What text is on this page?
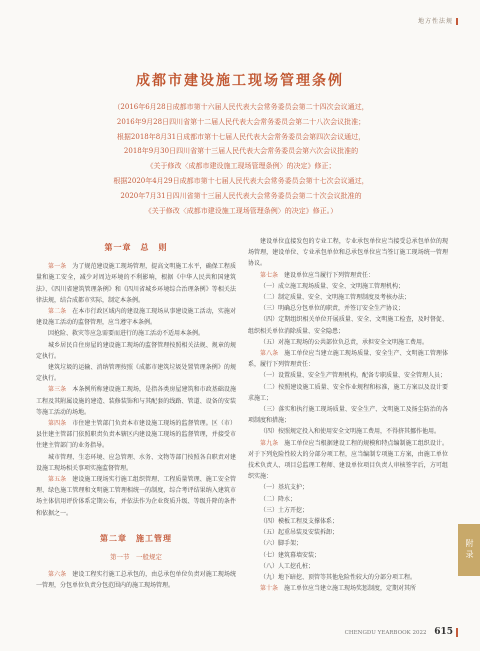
地方性法规
成都市建设施工现场管理条例
（2016年6月28日成都市第十六届人民代表大会常务委员会第二十四次会议通过，
2016年9月28日四川省第十二届人民代表大会常务委员会第二十八次会议批准；
根据2018年8月31日成都市第十七届人民代表大会常务委员会第四次会议通过，
2018年9月30日四川省第十三届人民代表大会常务委员会第六次会议批准的
《关于修改〈成都市建设施工现场管理条例〉的决定》修正；
根据2020年4月29日成都市第十七届人民代表大会常务委员会第十七次会议通过，
2020年7月31日四川省第十三届人民代表大会常务委员会第二十次会议批准的
《关于修改〈成都市建设施工现场管理条例〉的决定》修正。）
第一章　总　则

第一条　 为了规范建设施工现场管理，提高文明施工水平，确保工程质量和施工安全，减少对周边环境的不利影响，根据《中华人民共和国建筑法》、《四川省建筑管理条例》和《四川省城乡环境综合治理条例》等相关法律法规，结合成都市实际，制定本条例。

第二条　 在本市行政区域内的建设施工现场从事建设施工活动，实施对建设施工活动的监督管理，应当遵守本条例。

因抢险、救灾等应急需要而进行的施工活动不适用本条例。

城乡居民自住房屋的建设施工现场的监督管理按照相关法规、规章的规定执行。

建筑垃圾的运输、消纳管理按照《成都市建筑垃圾处置管理条例》的规定执行。

第三条　 本条例所称建设施工现场，是指各类房屋建筑和市政基础设施工程及其附属设施的建造、装修装饰和与其配套的线路、管道、设备的安装等施工活动的场地。

第四条　 市住建主管部门负责本市建设施工现场的监督管理。区（市）县住建主管部门依照职责负责本辖区内建设施工现场的监督管理，并接受市住建主管部门的业务指导。

城市管理、生态环境、应急管理、水务、文物等部门按照各自职责对建设施工现场相关事项实施监督管理。

第五条　 建设施工现场实行施工组织管理、工程质量管理、施工安全管理、绿色施工管理和文明施工管理相统一的制度，综合考评结果纳入建筑市场主体信用评价体系定期公布，并依法作为企业资质升级、等级升降的条件和依据之一。

第二章　施工管理
第一节　一般规定

第六条　 建设工程实行施工总承包的，由总承包单位负责对施工现场统一管理，分包单位负责分包范围内的施工现场管理。

建设单位直接发包的专业工程，专业承包单位应当接受总承包单位的现场管理，建设单位、专业承包单位和总承包单位应当签订施工现场统一管理协议。

第七条　 建设单位应当履行下列管理责任：

（一）成立施工现场质量、安全、文明施工管理机构；

（二）制定质量、安全、文明施工管理制度及考核办法；

（三）明确总分包单位的职责，并签订安全生产协议；

（四）定期组织相关单位开展质量、安全、文明施工检查，及时督促、组织相关单位消除质量、安全隐患；

（五）对施工现场的公共部位负总责，承担安全文明施工费用。

第八条　 施工单位应当建立施工现场质量、安全生产、文明施工管理体系，履行下列管理责任：

（一）设置质量、安全生产管理机构，配备专职质量、安全管理人员；

（二）按照建设施工质量、安全作业规程和标准，施工方案以及设计要求施工；

（三）落实和执行施工现场质量、安全生产、文明施工及扬尘防治的各项制度和措施；

（四）按照规定投入和使用安全文明施工费用，不得挤其挪作他用。

第九条　 施工单位应当根据建设工程的规模和特点编制施工组织设计。对于下列危险性较大的分部分项工程，应当编制专项施工方案，由施工单位技术负责人、项目总监理工程师、建设单位项目负责人审核签字后，方可组织实施：

（一）基坑支护；

（二）降水；

（三）土方开挖；

（四）模板工程及支撑体系；

（五）起重吊装及安装拆卸；

（六）脚手架；

（七）建筑幕墙安装；

（八）人工挖孔桩；

（九）地下暗挖、顶管等其他危险性较大的分部分项工程。

第十条　 施工单位应当建立施工现场奖惩制度，定期对其所

附录
CHENGDU YEARBOOK 2022 615
